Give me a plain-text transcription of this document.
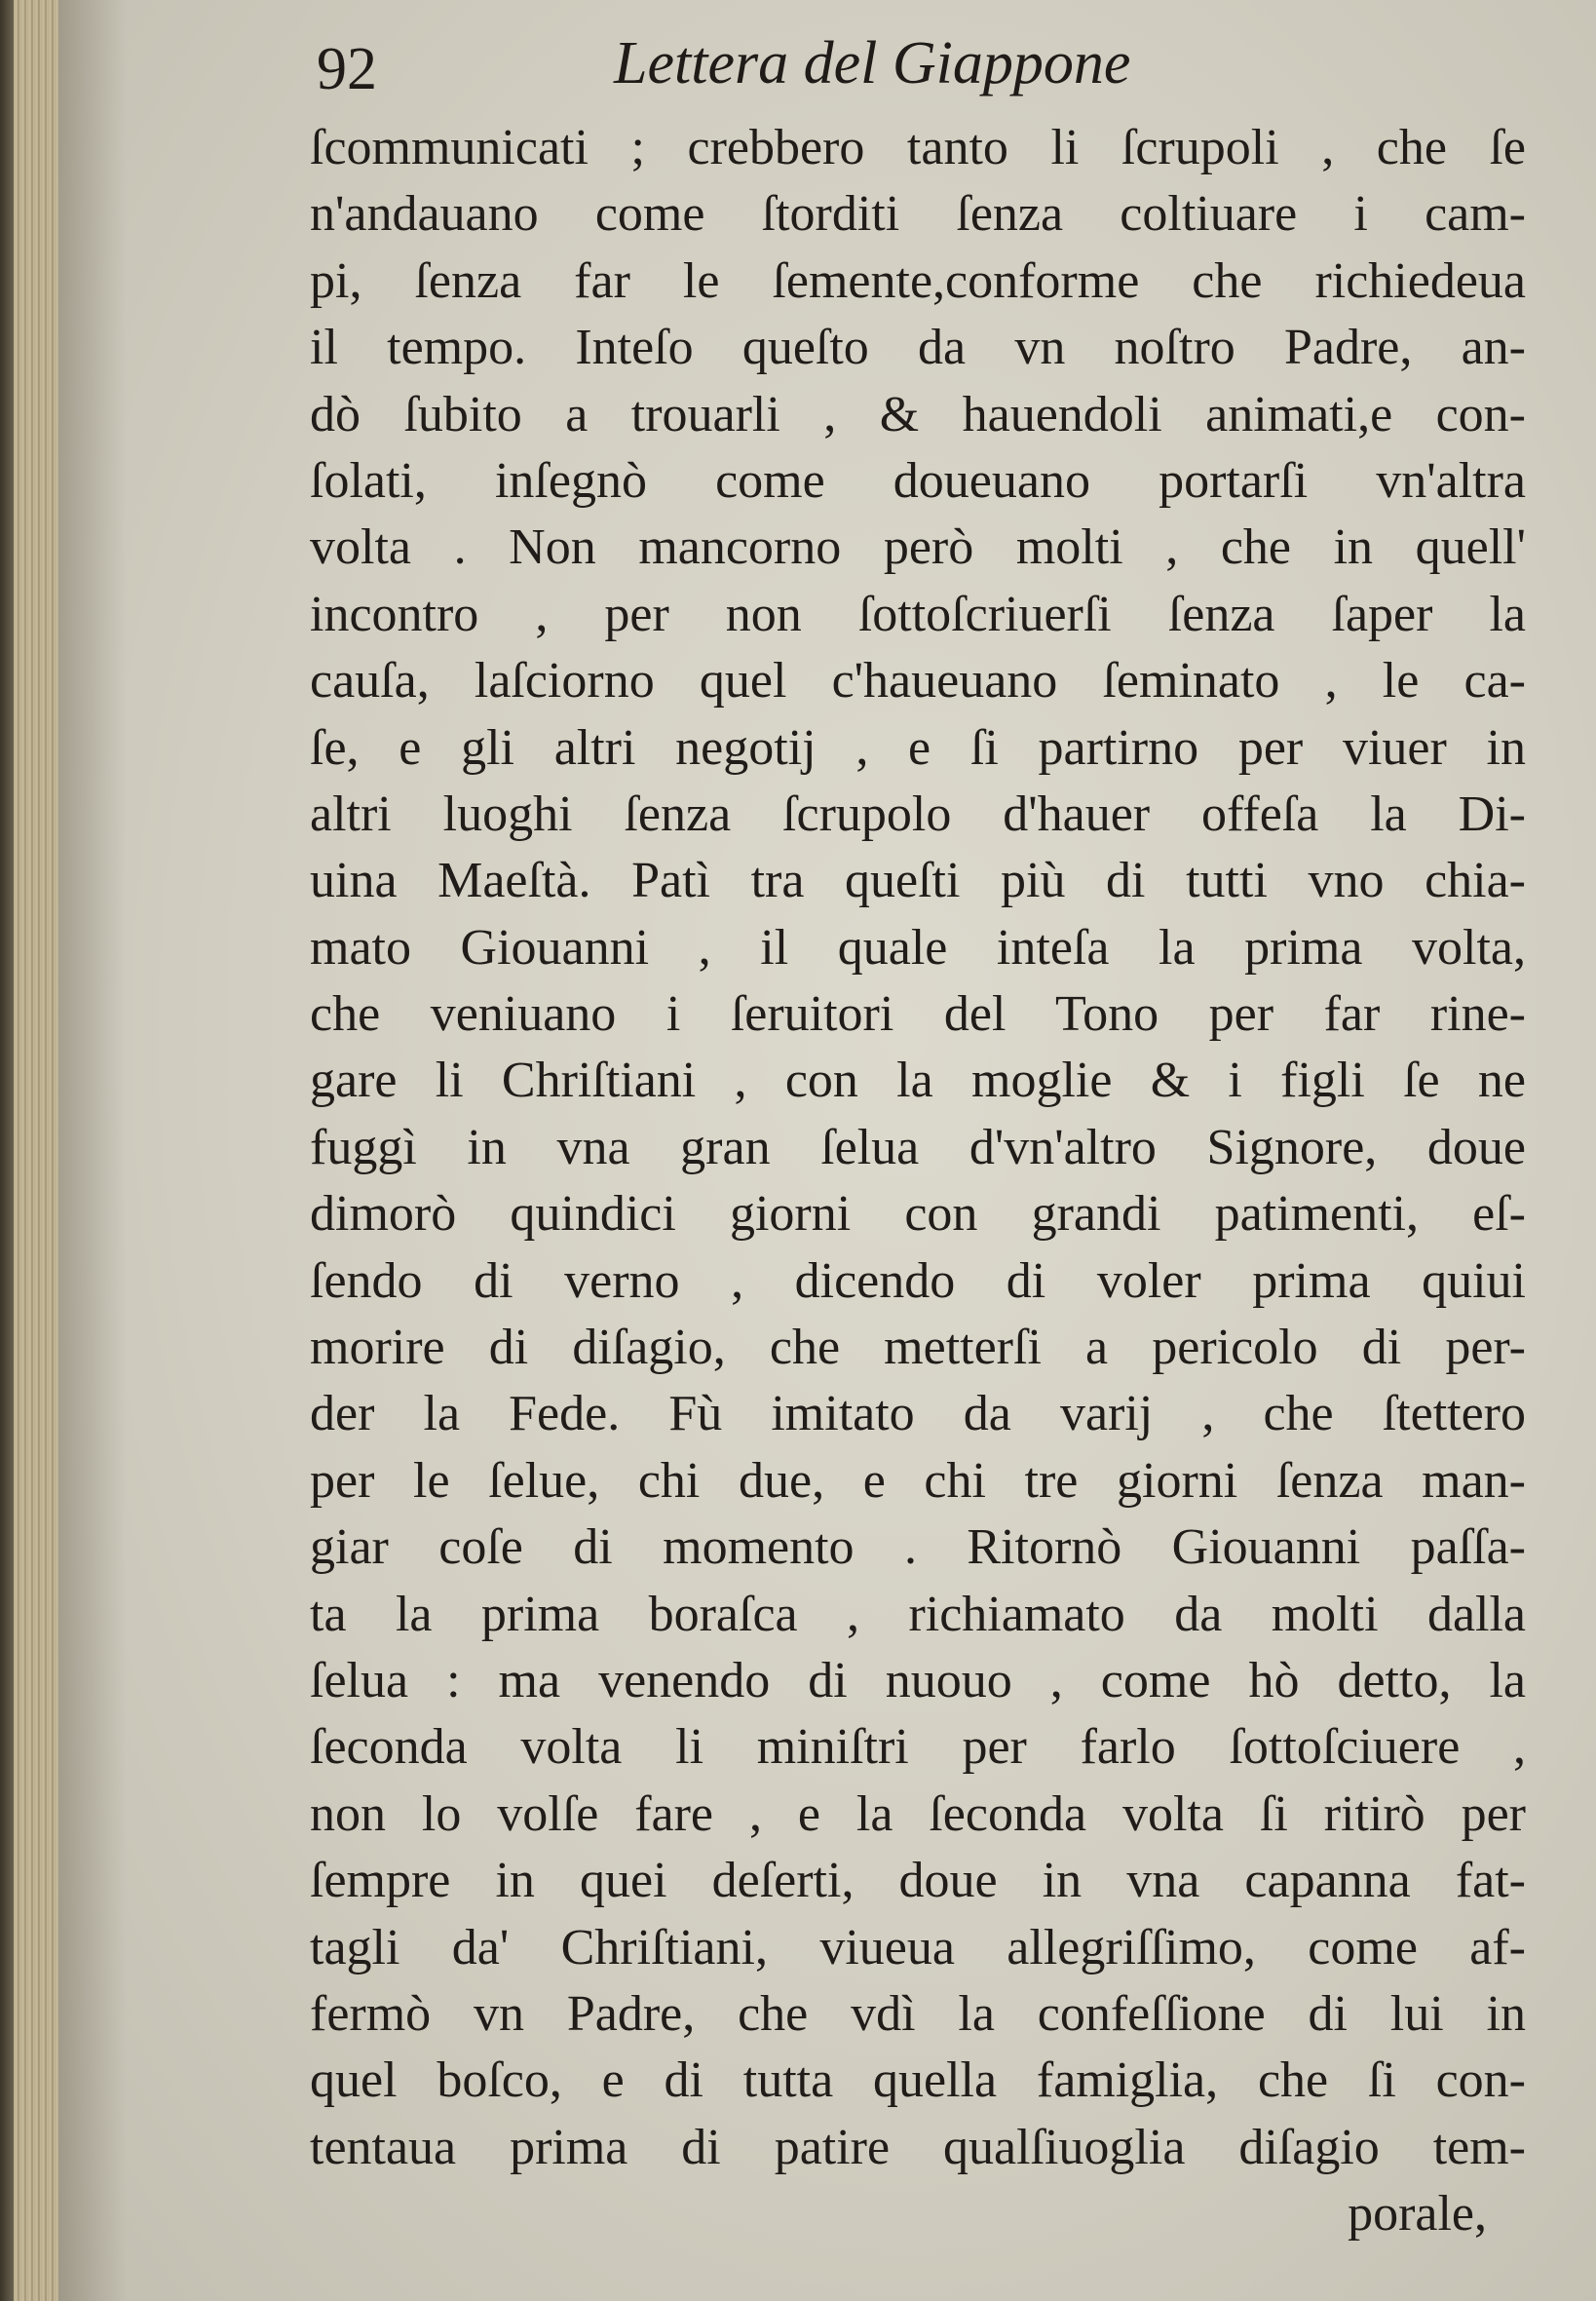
92	Lettera del Giappone
ſcommunicati ; crebbero tanto li ſcrupoli , che ſe
n'andauano come ſtorditi ſenza coltiuare i cam-
pi, ſenza far le ſemente,conforme che richiedeua
il tempo. Inteſo queſto da vn noſtro Padre, an-
dò ſubito a trouarli , & hauendoli animati,e con-
ſolati, inſegnò come doueuano portarſi vn'altra
volta . Non mancorno però molti , che in quell'
incontro , per non ſottoſcriuerſi ſenza ſaper la
cauſa, laſciorno quel c'haueuano ſeminato , le ca-
ſe, e gli altri negotij , e ſi partirno per viuer in
altri luoghi ſenza ſcrupolo d'hauer offeſa la Di-
uina Maeſtà. Patì tra queſti più di tutti vno chia-
mato Giouanni , il quale inteſa la prima volta,
che veniuano i ſeruitori del Tono per far rine-
gare li Chriſtiani , con la moglie & i figli ſe ne
fuggì in vna gran ſelua d'vn'altro Signore, doue
dimorò quindici giorni con grandi patimenti, eſ-
ſendo di verno , dicendo di voler prima quiui
morire di diſagio, che metterſi a pericolo di per-
der la Fede. Fù imitato da varij , che ſtettero
per le ſelue, chi due, e chi tre giorni ſenza man-
giar coſe di momento . Ritornò Giouanni paſſa-
ta la prima boraſca , richiamato da molti dalla
ſelua : ma venendo di nuouo , come hò detto, la
ſeconda volta li miniſtri per farlo ſottoſciuere ,
non lo volſe fare , e la ſeconda volta ſi ritirò per
ſempre in quei deſerti, doue in vna capanna fat-
tagli da' Chriſtiani, viueua allegriſſimo, come af-
fermò vn Padre, che vdì la confeſſione di lui in
quel boſco, e di tutta quella famiglia, che ſi con-
tentaua prima di patire qualſiuoglia diſagio tem-
porale,
